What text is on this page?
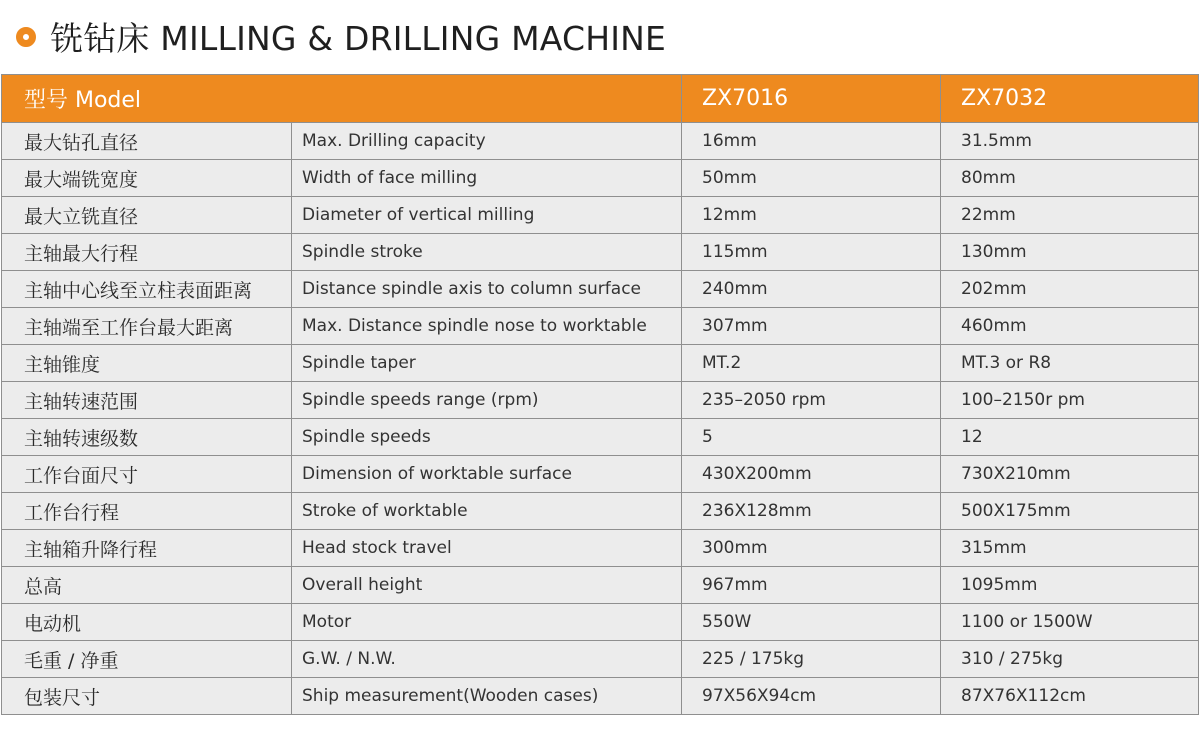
铣钻床 MILLING & DRILLING MACHINE
型号 Model		ZX7016	ZX7032
最大钻孔直径	Max. Drilling capacity	16mm	31.5mm
最大端铣宽度	Width of face milling	50mm	80mm
最大立铣直径	Diameter of vertical milling	12mm	22mm
主轴最大行程	Spindle stroke	115mm	130mm
主轴中心线至立柱表面距离	Distance spindle axis to column surface	240mm	202mm
主轴端至工作台最大距离	Max. Distance spindle nose to worktable	307mm	460mm
主轴锥度	Spindle taper	MT.2	MT.3 or R8
主轴转速范围	Spindle speeds range (rpm)	235–2050 rpm	100–2150r pm
主轴转速级数	Spindle speeds	5	12
工作台面尺寸	Dimension of worktable surface	430X200mm	730X210mm
工作台行程	Stroke of worktable	236X128mm	500X175mm
主轴箱升降行程	Head stock travel	300mm	315mm
总高	Overall height	967mm	1095mm
电动机	Motor	550W	1100 or 1500W
毛重 / 净重	G.W. / N.W.	225 / 175kg	310 / 275kg
包装尺寸	Ship measurement(Wooden cases)	97X56X94cm	87X76X112cm
